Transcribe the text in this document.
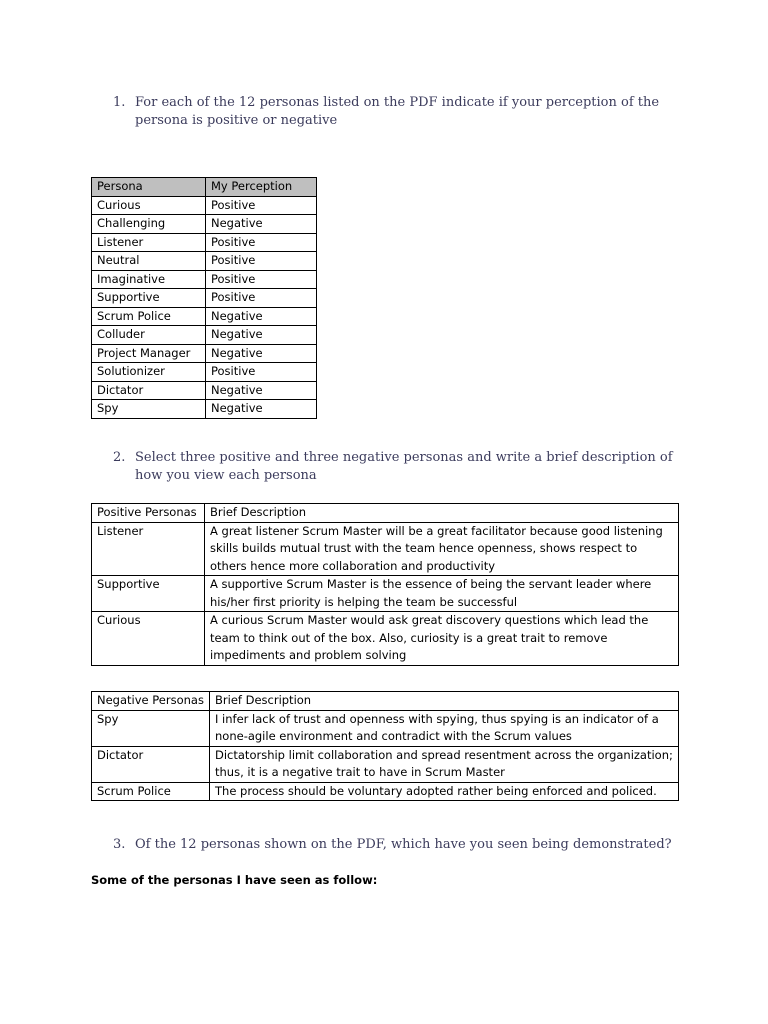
1. For each of the 12 personas listed on the PDF indicate if your perception of the persona is positive or negative
Persona	My Perception
Curious	Positive
Challenging	Negative
Listener	Positive
Neutral	Positive
Imaginative	Positive
Supportive	Positive
Scrum Police	Negative
Colluder	Negative
Project Manager	Negative
Solutionizer	Positive
Dictator	Negative
Spy	Negative
2. Select three positive and three negative personas and write a brief description of how you view each persona
Positive Personas	Brief Description
Listener	A great listener Scrum Master will be a great facilitator because good listening skills builds mutual trust with the team hence openness, shows respect to others hence more collaboration and productivity
Supportive	A supportive Scrum Master is the essence of being the servant leader where his/her first priority is helping the team be successful
Curious	A curious Scrum Master would ask great discovery questions which lead the team to think out of the box. Also, curiosity is a great trait to remove impediments and problem solving
Negative Personas	Brief Description
Spy	I infer lack of trust and openness with spying, thus spying is an indicator of a none-agile environment and contradict with the Scrum values
Dictator	Dictatorship limit collaboration and spread resentment across the organization; thus, it is a negative trait to have in Scrum Master
Scrum Police	The process should be voluntary adopted rather being enforced and policed.
3. Of the 12 personas shown on the PDF, which have you seen being demonstrated?
Some of the personas I have seen as follow:
